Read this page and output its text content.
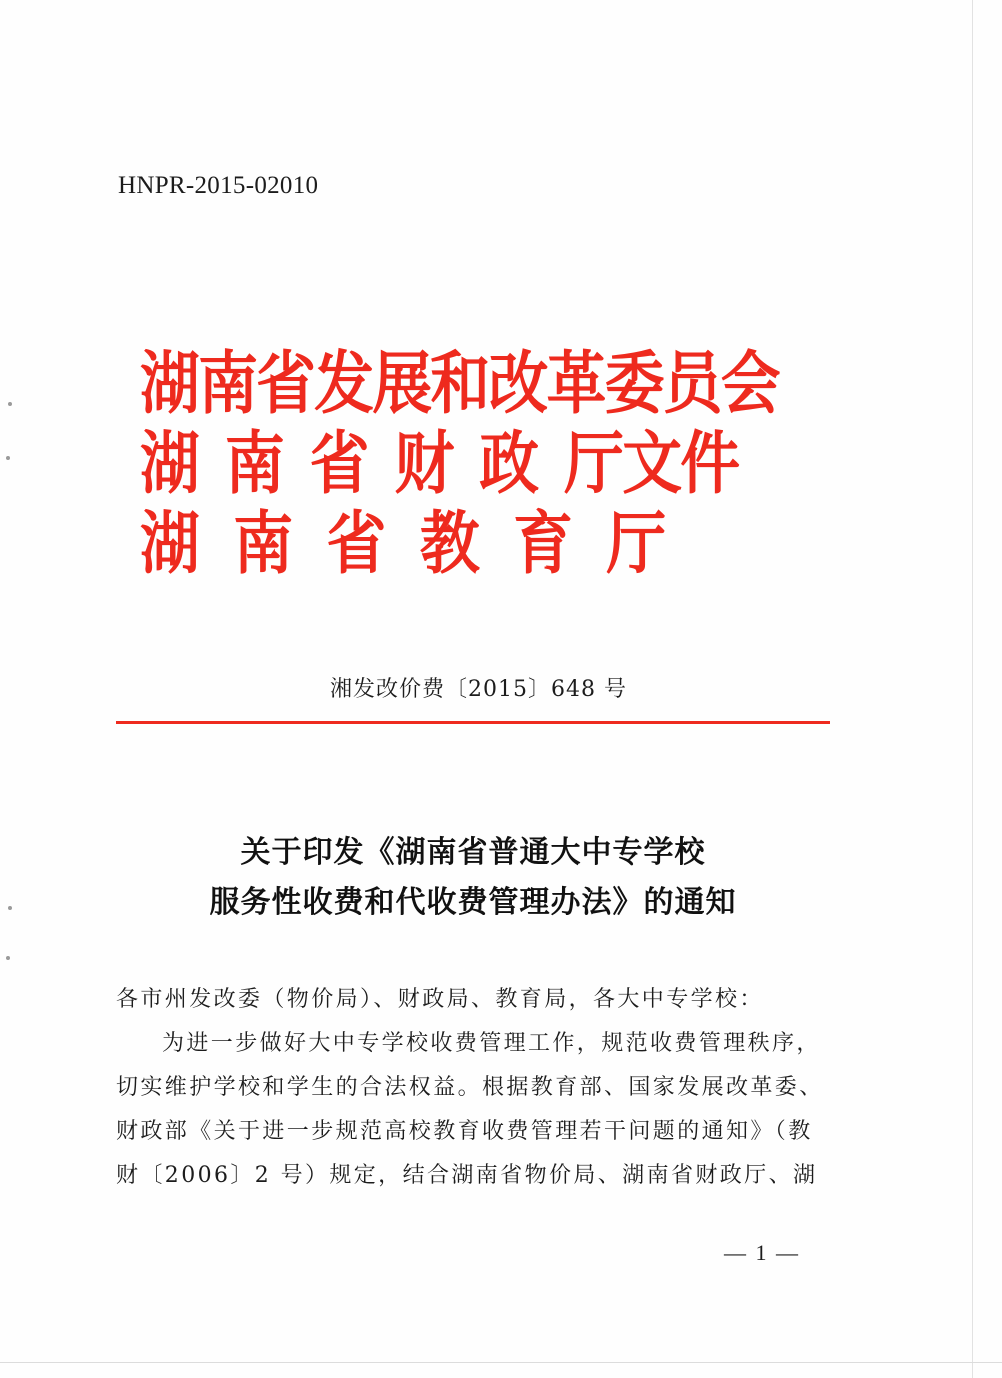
HNPR-2015-02010
湖南省发展和改革委员会
湖 南 省 财 政 厅文件
湖 南 省 教 育 厅
湘发改价费〔2015〕648 号
关于印发《湖南省普通大中专学校
服务性收费和代收费管理办法》的通知
各市州发改委（物价局）、财政局、教育局，各大中专学校：
为进一步做好大中专学校收费管理工作，规范收费管理秩序，
切实维护学校和学生的合法权益。根据教育部、国家发展改革委、
财政部《关于进一步规范高校教育收费管理若干问题的通知》（教
财〔2006〕2 号）规定，结合湖南省物价局、湖南省财政厅、湖
— 1 —
